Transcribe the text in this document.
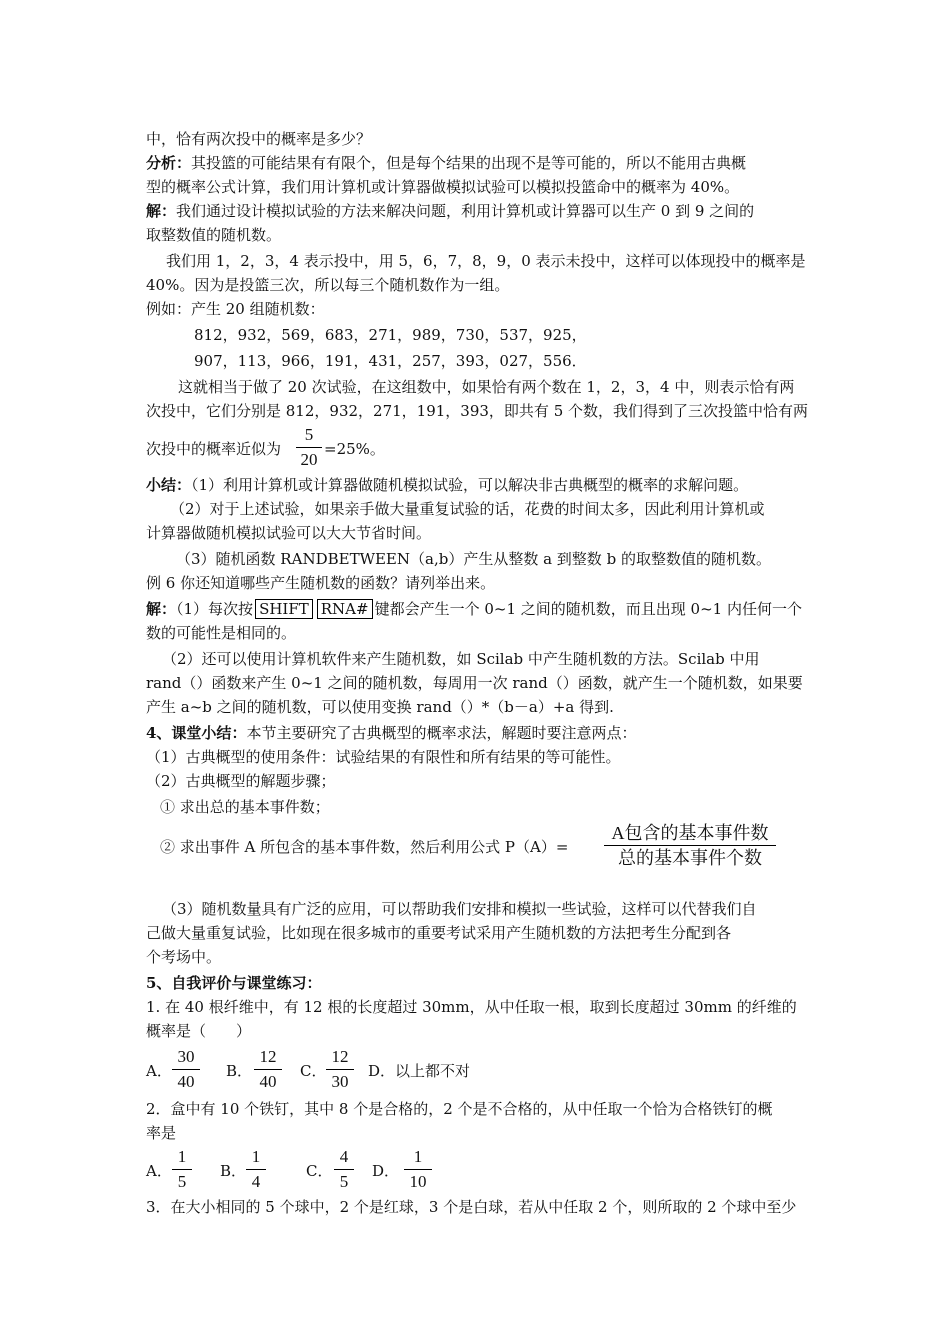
中，恰有两次投中的概率是多少？
分析：其投篮的可能结果有有限个，但是每个结果的出现不是等可能的，所以不能用古典概
型的概率公式计算，我们用计算机或计算器做模拟试验可以模拟投篮命中的概率为 40%。
解：我们通过设计模拟试验的方法来解决问题，利用计算机或计算器可以生产 0 到 9 之间的
取整数值的随机数。
我们用 1，2，3，4 表示投中，用 5，6，7，8，9，0 表示未投中，这样可以体现投中的概率是
40%。因为是投篮三次，所以每三个随机数作为一组。
例如：产生 20 组随机数：
812，932，569，683，271，989，730，537，925，
907，113，966，191，431，257，393，027，556．
这就相当于做了 20 次试验，在这组数中，如果恰有两个数在 1，2，3，4 中，则表示恰有两
次投中，它们分别是 812，932，271，191，393，即共有 5 个数，我们得到了三次投篮中恰有两
次投中的概率近似为
5
20
=25%。
小结：（1）利用计算机或计算器做随机模拟试验，可以解决非古典概型的概率的求解问题。
（2）对于上述试验，如果亲手做大量重复试验的话，花费的时间太多，因此利用计算机或
计算器做随机模拟试验可以大大节省时间。
（3）随机函数 RANDBETWEEN（a,b）产生从整数 a 到整数 b 的取整数值的随机数。
例 6 你还知道哪些产生随机数的函数？请列举出来。
解：（1）每次按 SHIFT RNA# 键都会产生一个 0~1 之间的随机数，而且出现 0~1 内任何一个
数的可能性是相同的。
（2）还可以使用计算机软件来产生随机数，如 Scilab 中产生随机数的方法。Scilab 中用
rand（）函数来产生 0~1 之间的随机数，每周用一次 rand（）函数，就产生一个随机数，如果要
产生 a~b 之间的随机数，可以使用变换 rand（）*（b－a）+a 得到.
4、课堂小结：本节主要研究了古典概型的概率求法，解题时要注意两点：
（1）古典概型的使用条件：试验结果的有限性和所有结果的等可能性。
（2）古典概型的解题步骤；
① 求出总的基本事件数；
② 求出事件 A 所包含的基本事件数，然后利用公式 P（A）=
A包含的基本事件数
总的基本事件个数
（3）随机数量具有广泛的应用，可以帮助我们安排和模拟一些试验，这样可以代替我们自
己做大量重复试验，比如现在很多城市的重要考试采用产生随机数的方法把考生分配到各
个考场中。
5、自我评价与课堂练习：
1. 在 40 根纤维中，有 12 根的长度超过 30mm，从中任取一根，取到长度超过 30mm 的纤维的
概率是（　　）
A．
30
40
B．
12
40
C．
12
30
D．以上都不对
2．盒中有 10 个铁钉，其中 8 个是合格的，2 个是不合格的，从中任取一个恰为合格铁钉的概
率是
A．
1
5
B．
1
4
C．
4
5
D．
1
10
3．在大小相同的 5 个球中，2 个是红球，3 个是白球，若从中任取 2 个，则所取的 2 个球中至少
